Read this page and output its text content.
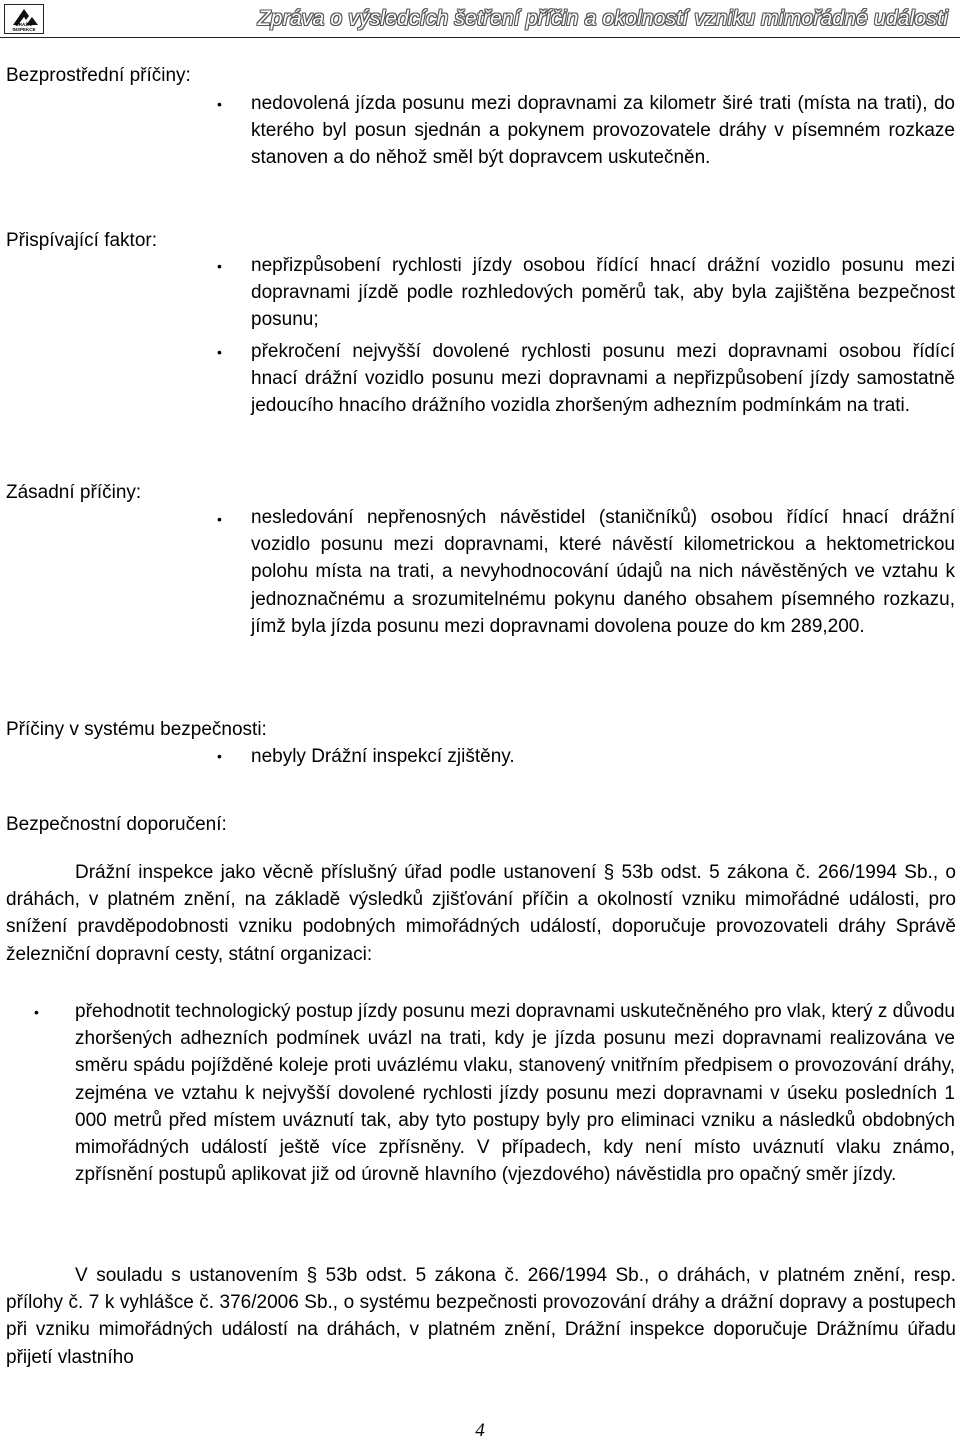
DRÁŽNÍ INSPEKCE	Zpráva o výsledcích šetření příčin a okolností vzniku mimořádné události
Bezprostřední příčiny:
• nedovolená jízda posunu mezi dopravnami za kilometr širé trati (místa na trati), do kterého byl posun sjednán a pokynem provozovatele dráhy v písemném rozkaze stanoven a do něhož směl být dopravcem uskutečněn.
Přispívající faktor:
• nepřizpůsobení rychlosti jízdy osobou řídící hnací drážní vozidlo posunu mezi dopravnami jízdě podle rozhledových poměrů tak, aby byla zajištěna bezpečnost posunu;
• překročení nejvyšší dovolené rychlosti posunu mezi dopravnami osobou řídící hnací drážní vozidlo posunu mezi dopravnami a nepřizpůsobení jízdy samostatně jedoucího hnacího drážního vozidla zhoršeným adhezním podmínkám na trati.
Zásadní příčiny:
• nesledování nepřenosných návěstidel (staničníků) osobou řídící hnací drážní vozidlo posunu mezi dopravnami, které návěstí kilometrickou a hektometrickou polohu místa na trati, a nevyhodnocování údajů na nich návěstěných ve vztahu k jednoznačnému a srozumitelnému pokynu daného obsahem písemného rozkazu, jímž byla jízda posunu mezi dopravnami dovolena pouze do km 289,200.
Příčiny v systému bezpečnosti:
• nebyly Drážní inspekcí zjištěny.
Bezpečnostní doporučení:
Drážní inspekce jako věcně příslušný úřad podle ustanovení § 53b odst. 5 zákona č. 266/1994 Sb., o dráhách, v platném znění, na základě výsledků zjišťování příčin a okolností vzniku mimořádné události, pro snížení pravděpodobnosti vzniku podobných mimořádných událostí, doporučuje provozovateli dráhy Správě železniční dopravní cesty, státní organizaci:
• přehodnotit technologický postup jízdy posunu mezi dopravnami uskutečněného pro vlak, který z důvodu zhoršených adhezních podmínek uvázl na trati, kdy je jízda posunu mezi dopravnami realizována ve směru spádu pojížděné koleje proti uvázlému vlaku, stanovený vnitřním předpisem o provozování dráhy, zejména ve vztahu k nejvyšší dovolené rychlosti jízdy posunu mezi dopravnami v úseku posledních 1 000 metrů před místem uváznutí tak, aby tyto postupy byly pro eliminaci vzniku a následků obdobných mimořádných událostí ještě více zpřísněny. V případech, kdy není místo uváznutí vlaku známo, zpřísnění postupů aplikovat již od úrovně hlavního (vjezdového) návěstidla pro opačný směr jízdy.
V souladu s ustanovením § 53b odst. 5 zákona č. 266/1994 Sb., o dráhách, v platném znění, resp. přílohy č. 7 k vyhlášce č. 376/2006 Sb., o systému bezpečnosti provozování dráhy a drážní dopravy a postupech při vzniku mimořádných událostí na dráhách, v platném znění, Drážní inspekce doporučuje Drážnímu úřadu přijetí vlastního
4
